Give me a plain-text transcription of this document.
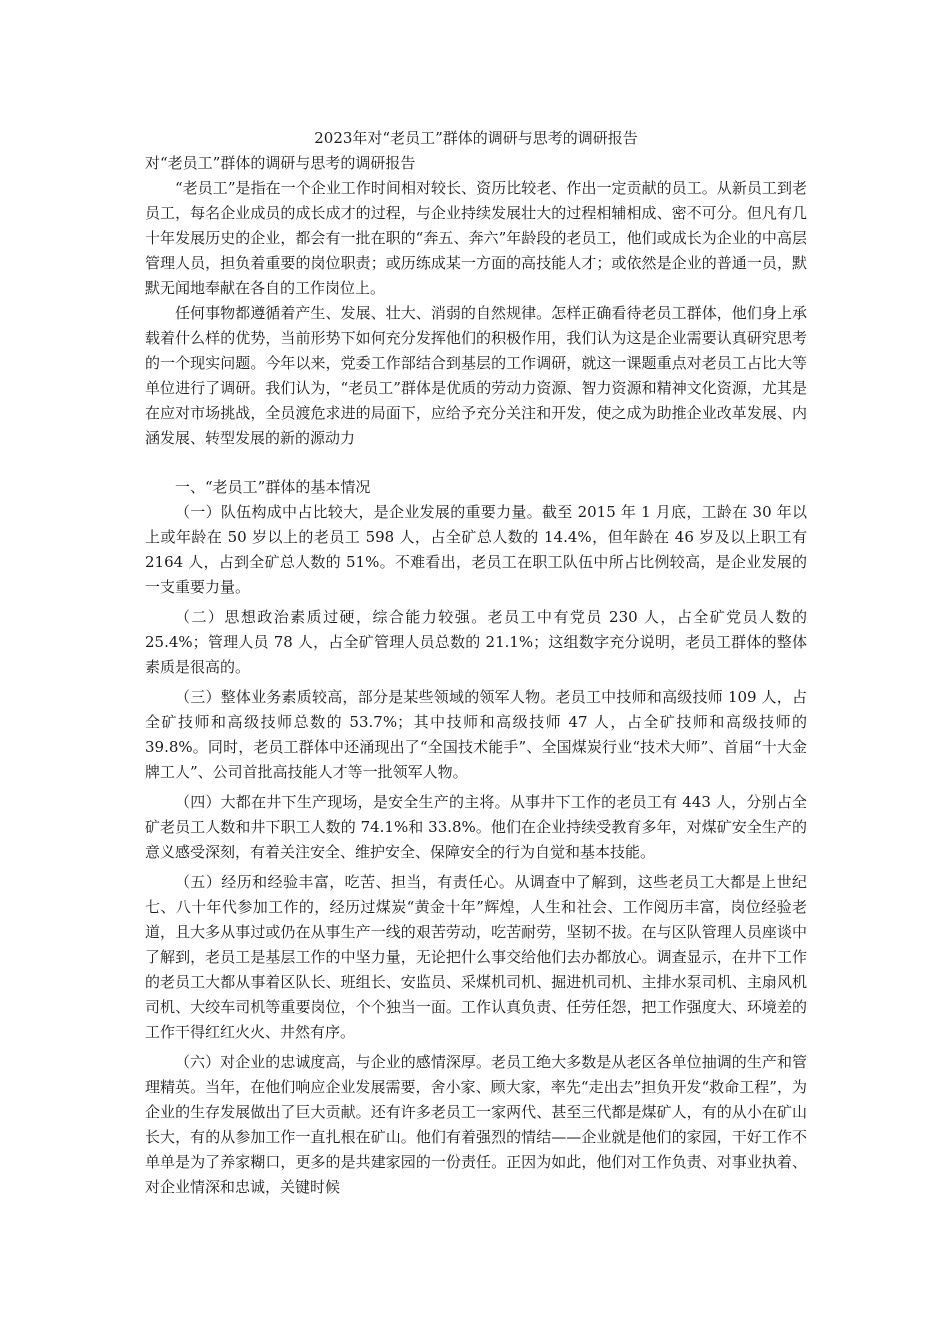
2023年对“老员工”群体的调研与思考的调研报告

对“老员工”群体的调研与思考的调研报告

“老员工”是指在一个企业工作时间相对较长、资历比较老、作出一定贡献的员工。从新员工到老员工，每名企业成员的成长成才的过程，与企业持续发展壮大的过程相辅相成、密不可分。但凡有几十年发展历史的企业，都会有一批在职的“奔五、奔六”年龄段的老员工，他们或成长为企业的中高层管理人员，担负着重要的岗位职责；或历练成某一方面的高技能人才；或依然是企业的普通一员，默默无闻地奉献在各自的工作岗位上。

任何事物都遵循着产生、发展、壮大、消弱的自然规律。怎样正确看待老员工群体，他们身上承载着什么样的优势，当前形势下如何充分发挥他们的积极作用，我们认为这是企业需要认真研究思考的一个现实问题。今年以来，党委工作部结合到基层的工作调研，就这一课题重点对老员工占比大等单位进行了调研。我们认为，“老员工”群体是优质的劳动力资源、智力资源和精神文化资源，尤其是在应对市场挑战，全员渡危求进的局面下，应给予充分关注和开发，使之成为助推企业改革发展、内涵发展、转型发展的新的源动力

一、“老员工”群体的基本情况

（一）队伍构成中占比较大，是企业发展的重要力量。截至 2015 年 1 月底，工龄在 30 年以上或年龄在 50 岁以上的老员工 598 人，占全矿总人数的 14.4%，但年龄在 46 岁及以上职工有 2164 人，占到全矿总人数的 51%。不难看出，老员工在职工队伍中所占比例较高，是企业发展的一支重要力量。

（二）思想政治素质过硬，综合能力较强。老员工中有党员 230 人，占全矿党员人数的 25.4%；管理人员 78 人，占全矿管理人员总数的 21.1%；这组数字充分说明，老员工群体的整体素质是很高的。

（三）整体业务素质较高，部分是某些领域的领军人物。老员工中技师和高级技师 109 人，占全矿技师和高级技师总数的 53.7%；其中技师和高级技师 47 人，占全矿技师和高级技师的 39.8%。同时，老员工群体中还涌现出了“全国技术能手”、全国煤炭行业“技术大师”、首届“十大金牌工人”、公司首批高技能人才等一批领军人物。

（四）大都在井下生产现场，是安全生产的主将。从事井下工作的老员工有 443 人，分别占全矿老员工人数和井下职工人数的 74.1%和 33.8%。他们在企业持续受教育多年，对煤矿安全生产的意义感受深刻，有着关注安全、维护安全、保障安全的行为自觉和基本技能。

（五）经历和经验丰富，吃苦、担当，有责任心。从调查中了解到，这些老员工大都是上世纪七、八十年代参加工作的，经历过煤炭“黄金十年”辉煌，人生和社会、工作阅历丰富，岗位经验老道，且大多从事过或仍在从事生产一线的艰苦劳动，吃苦耐劳，坚韧不拔。在与区队管理人员座谈中了解到，老员工是基层工作的中坚力量，无论把什么事交给他们去办都放心。调查显示，在井下工作的老员工大都从事着区队长、班组长、安监员、采煤机司机、掘进机司机、主排水泵司机、主扇风机司机、大绞车司机等重要岗位，个个独当一面。工作认真负责、任劳任怨，把工作强度大、环境差的工作干得红红火火、井然有序。

（六）对企业的忠诚度高，与企业的感情深厚。老员工绝大多数是从老区各单位抽调的生产和管理精英。当年，在他们响应企业发展需要，舍小家、顾大家，率先“走出去”担负开发“救命工程”，为企业的生存发展做出了巨大贡献。还有许多老员工一家两代、甚至三代都是煤矿人，有的从小在矿山长大，有的从参加工作一直扎根在矿山。他们有着强烈的情结——企业就是他们的家园，干好工作不单单是为了养家糊口，更多的是共建家园的一份责任。正因为如此，他们对工作负责、对事业执着、对企业情深和忠诚，关键时候
